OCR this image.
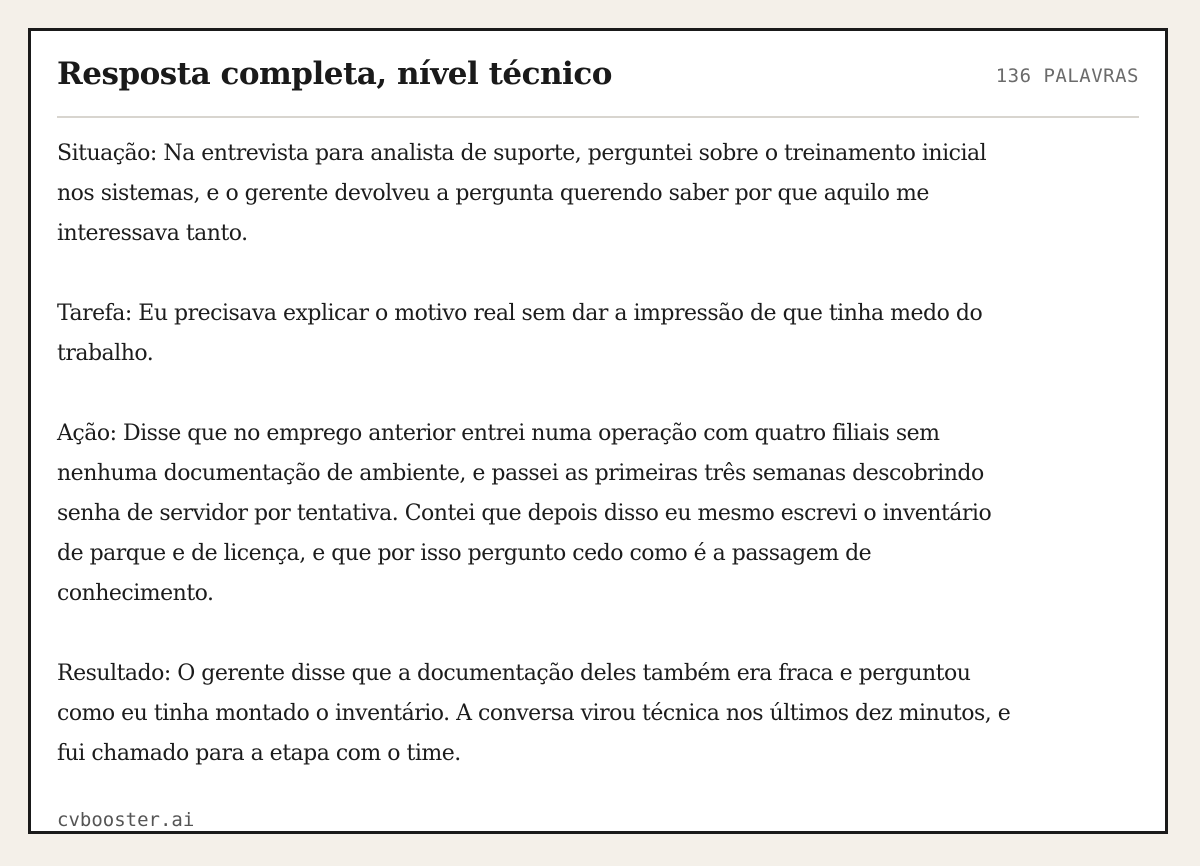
Resposta completa, nível técnico	136 PALAVRAS

Situação: Na entrevista para analista de suporte, perguntei sobre o treinamento inicial nos sistemas, e o gerente devolveu a pergunta querendo saber por que aquilo me interessava tanto.

Tarefa: Eu precisava explicar o motivo real sem dar a impressão de que tinha medo do trabalho.

Ação: Disse que no emprego anterior entrei numa operação com quatro filiais sem nenhuma documentação de ambiente, e passei as primeiras três semanas descobrindo senha de servidor por tentativa. Contei que depois disso eu mesmo escrevi o inventário de parque e de licença, e que por isso pergunto cedo como é a passagem de conhecimento.

Resultado: O gerente disse que a documentação deles também era fraca e perguntou como eu tinha montado o inventário. A conversa virou técnica nos últimos dez minutos, e fui chamado para a etapa com o time.

cvbooster.ai
